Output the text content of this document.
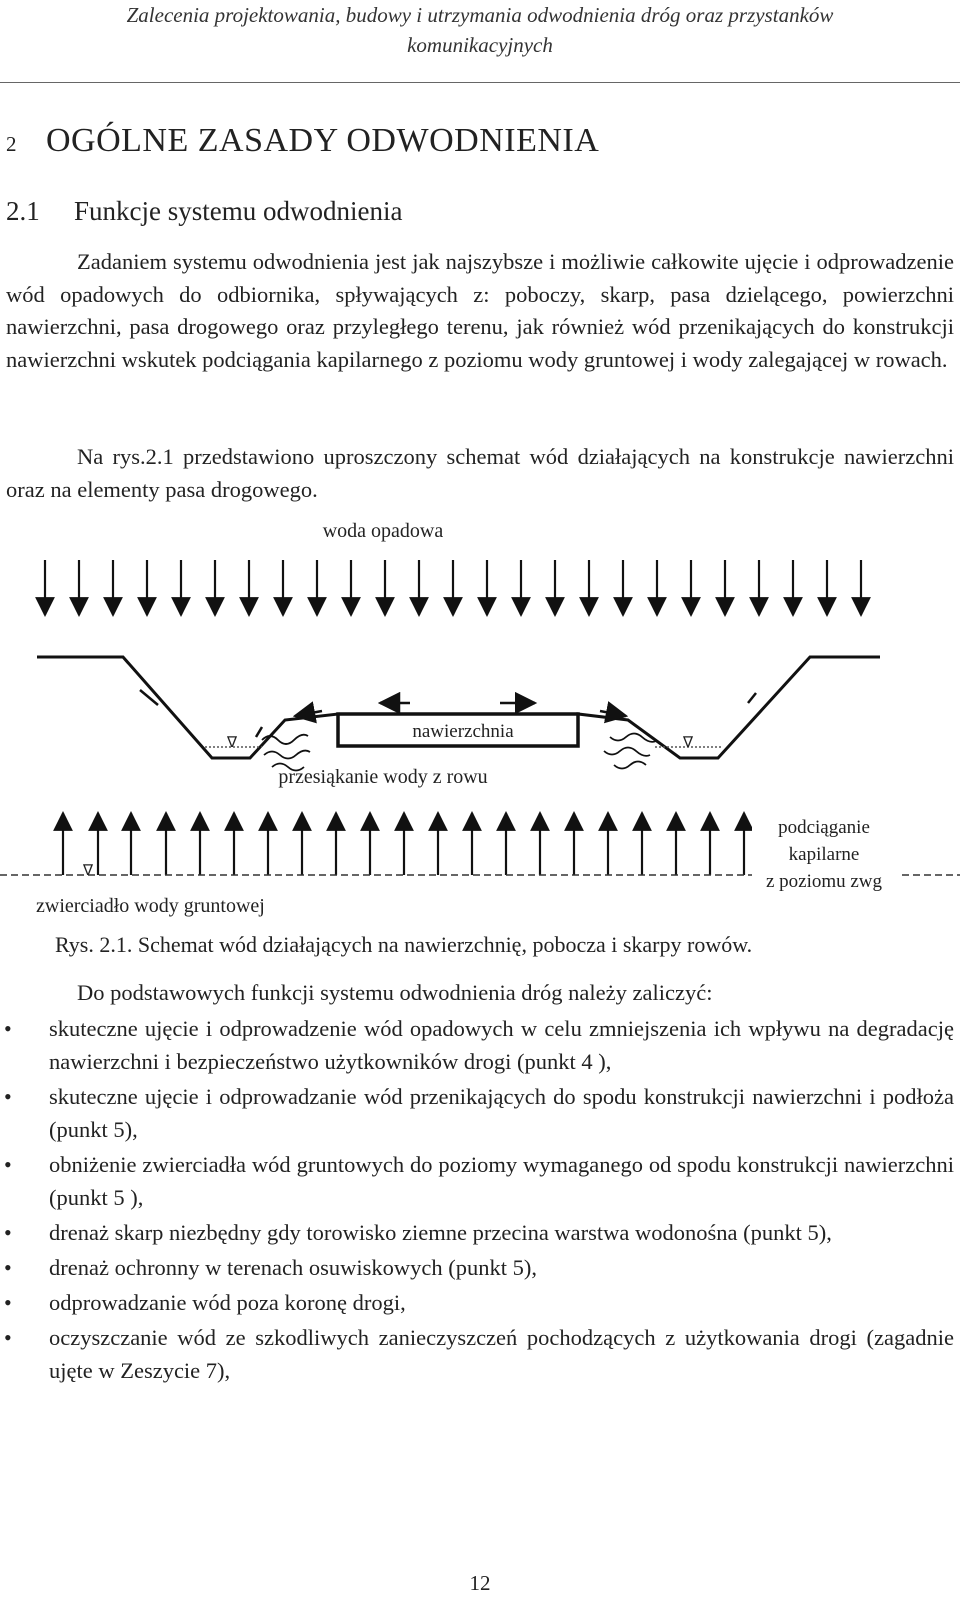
Zalecenia projektowania, budowy i utrzymania odwodnienia dróg oraz przystanków
komunikacyjnych
2 OGÓLNE ZASADY ODWODNIENIA
2.1 Funkcje systemu odwodnienia
Zadaniem systemu odwodnienia jest jak najszybsze i możliwie całkowite ujęcie i odprowadzenie wód opadowych do odbiornika, spływających z: poboczy, skarp, pasa dzielącego, powierzchni nawierzchni, pasa drogowego oraz przyległego terenu, jak również wód przenikających do konstrukcji nawierzchni wskutek podciągania kapilarnego z poziomu wody gruntowej i wody zalegającej w rowach.
Na rys.2.1 przedstawiono uproszczony schemat wód działających na konstrukcje nawierzchni oraz na elementy pasa drogowego.
woda opadowa
nawierzchnia
∇	∇
przesiąkanie wody z rowu
∇
podciąganie
kapilarne
z poziomu zwg
zwierciadło wody gruntowej
Rys. 2.1. Schemat wód działających na nawierzchnię, pobocza i skarpy rowów.
Do podstawowych funkcji systemu odwodnienia dróg należy zaliczyć:
• skuteczne ujęcie i odprowadzenie wód opadowych w celu zmniejszenia ich wpływu na degradację nawierzchni i bezpieczeństwo użytkowników drogi (punkt 4 ),
• skuteczne ujęcie i odprowadzanie wód przenikających do spodu konstrukcji nawierzchni i podłoża (punkt 5),
• obniżenie zwierciadła wód gruntowych do poziomy wymaganego od spodu konstrukcji nawierzchni (punkt 5 ),
• drenaż skarp niezbędny gdy torowisko ziemne przecina warstwa wodonośna (punkt 5),
• drenaż ochronny w terenach osuwiskowych (punkt 5),
• odprowadzanie wód poza koronę drogi,
• oczyszczanie wód ze szkodliwych zanieczyszczeń pochodzących z użytkowania drogi (zagadnie ujęte w Zeszycie 7),
12
